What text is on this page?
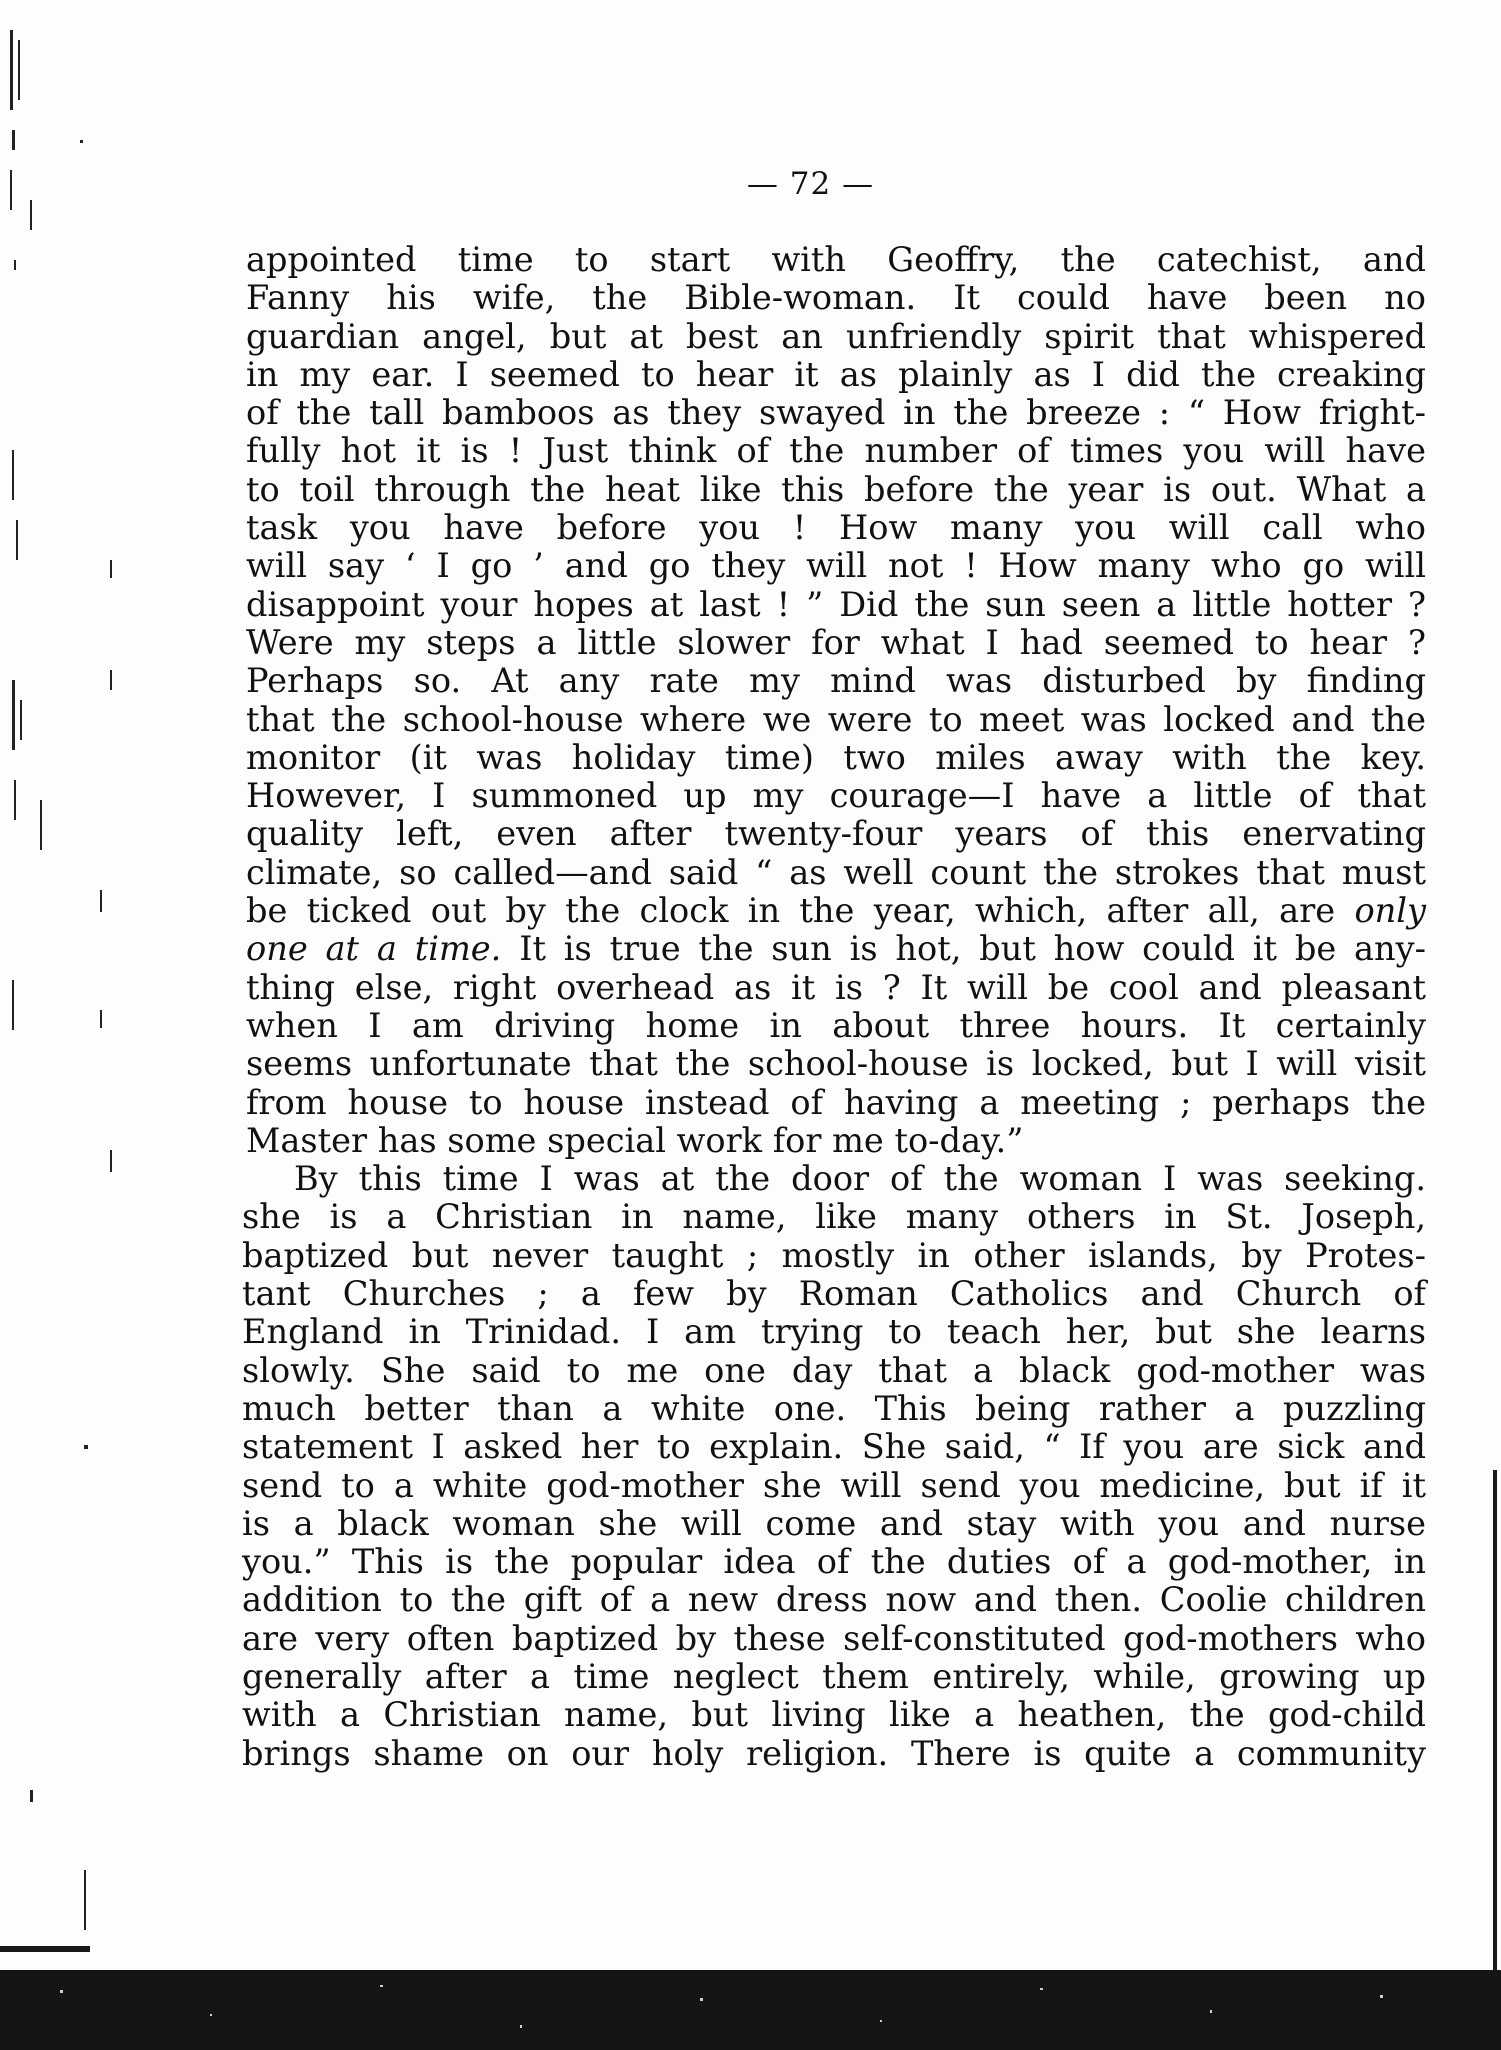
— 72 —
appointed time to start with Geoffry, the catechist, and
Fanny his wife, the Bible-woman. It could have been no
guardian angel, but at best an unfriendly spirit that whispered
in my ear. I seemed to hear it as plainly as I did the creaking
of the tall bamboos as they swayed in the breeze : “ How fright-
fully hot it is ! Just think of the number of times you will have
to toil through the heat like this before the year is out. What a
task you have before you ! How many you will call who
will say ‘ I go ’ and go they will not ! How many who go will
disappoint your hopes at last ! ” Did the sun seen a little hotter ?
Were my steps a little slower for what I had seemed to hear ?
Perhaps so. At any rate my mind was disturbed by finding
that the school-house where we were to meet was locked and the
monitor (it was holiday time) two miles away with the key.
However, I summoned up my courage—I have a little of that
quality left, even after twenty-four years of this enervating
climate, so called—and said “ as well count the strokes that must
be ticked out by the clock in the year, which, after all, are only
one at a time. It is true the sun is hot, but how could it be any-
thing else, right overhead as it is ? It will be cool and pleasant
when I am driving home in about three hours. It certainly
seems unfortunate that the school-house is locked, but I will visit
from house to house instead of having a meeting ; perhaps the
Master has some special work for me to-day.”
By this time I was at the door of the woman I was seeking.
she is a Christian in name, like many others in St. Joseph,
baptized but never taught ; mostly in other islands, by Protes-
tant Churches ; a few by Roman Catholics and Church of
England in Trinidad. I am trying to teach her, but she learns
slowly. She said to me one day that a black god-mother was
much better than a white one. This being rather a puzzling
statement I asked her to explain. She said, “ If you are sick and
send to a white god-mother she will send you medicine, but if it
is a black woman she will come and stay with you and nurse
you.” This is the popular idea of the duties of a god-mother, in
addition to the gift of a new dress now and then. Coolie children
are very often baptized by these self-constituted god-mothers who
generally after a time neglect them entirely, while, growing up
with a Christian name, but living like a heathen, the god-child
brings shame on our holy religion. There is quite a community
